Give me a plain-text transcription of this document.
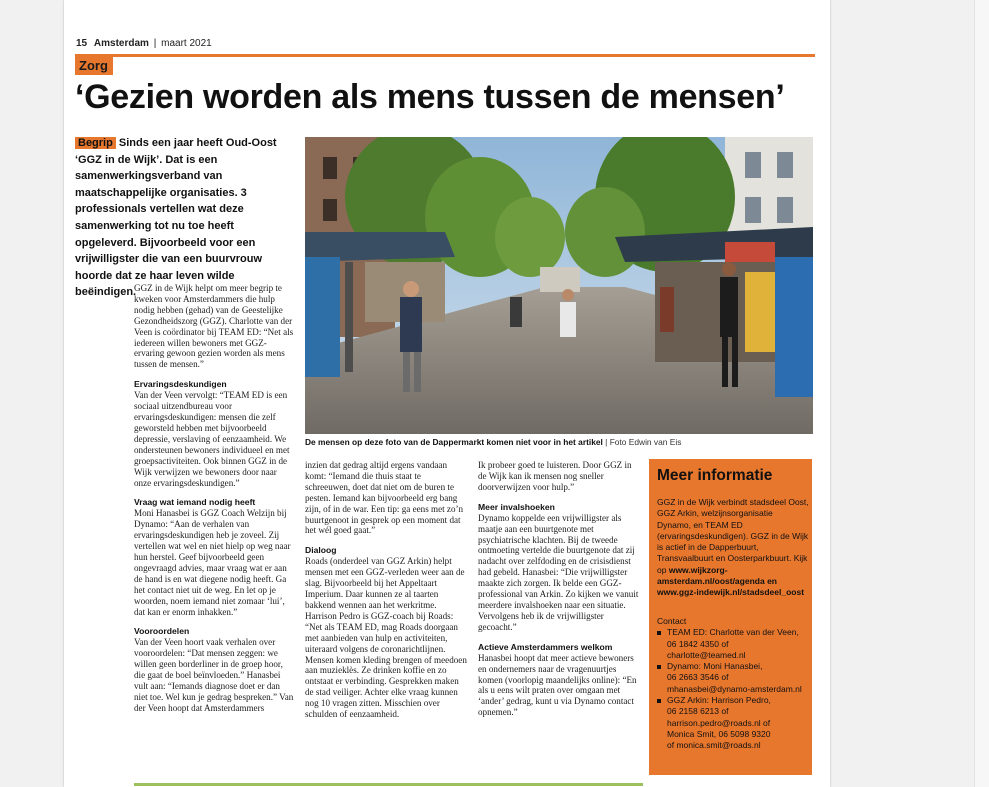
15 Amsterdam | maart 2021
Zorg
‘Gezien worden als mens tussen de mensen’
Begrip Sinds een jaar heeft Oud-Oost ‘GGZ in de Wijk’. Dat is een samenwerkingsverband van maatschappelijke organisaties. 3 professionals vertellen wat deze samenwerking tot nu toe heeft opgeleverd. Bijvoorbeeld voor een vrijwilligster die van een buurvrouw hoorde dat ze haar leven wilde beëindigen.
De mensen op deze foto van de Dappermarkt komen niet voor in het artikel | Foto Edwin van Eis

GGZ in de Wijk helpt om meer begrip te kweken voor Amsterdammers die hulp nodig hebben (gehad) van de Geestelijke Gezondheidszorg (GGZ). Charlotte van der Veen is coördinator bij TEAM ED: “Net als iedereen willen bewoners met GGZ-ervaring gewoon gezien worden als mens tussen de mensen.”

Ervaringsdeskundigen

Van der Veen vervolgt: “TEAM ED is een sociaal uitzendbureau voor ervaringsdeskundigen: mensen die zelf geworsteld hebben met bijvoorbeeld depressie, verslaving of eenzaamheid. We ondersteunen bewoners individueel en met groepsactiviteiten. Ook binnen GGZ in de Wijk verwijzen we bewoners door naar onze ervaringsdeskundigen.”

Vraag wat iemand nodig heeft

Moni Hanasbei is GGZ Coach Welzijn bij Dynamo: “Aan de verhalen van ervaringsdeskundigen heb je zoveel. Zij vertellen wat wel en niet hielp op weg naar hun herstel. Geef bijvoorbeeld geen ongevraagd advies, maar vraag wat er aan de hand is en wat diegene nodig heeft. Ga het contact niet uit de weg. En let op je woorden, noem iemand niet zomaar ‘lui’, dat kan er enorm inhakken.”

Vooroordelen

Van der Veen hoort vaak verhalen over vooroordelen: “Dat mensen zeggen: we willen geen borderliner in de groep hoor, die gaat de boel beïnvloeden.” Hanasbei vult aan: “Iemands diagnose doet er dan niet toe. Wel kun je gedrag bespreken.” Van der Veen hoopt dat Amsterdammers

inzien dat gedrag altijd ergens vandaan komt: “Iemand die thuis staat te schreeuwen, doet dat niet om de buren te pesten. Iemand kan bijvoorbeeld erg bang zijn, of in de war. Een tip: ga eens met zo’n buurtgenoot in gesprek op een moment dat het wél goed gaat.”

Dialoog

Roads (onderdeel van GGZ Arkin) helpt mensen met een GGZ-verleden weer aan de slag. Bijvoorbeeld bij het Appeltaart Imperium. Daar kunnen ze al taarten bakkend wennen aan het werkritme. Harrison Pedro is GGZ-coach bij Roads: “Net als TEAM ED, mag Roads doorgaan met aanbieden van hulp en activiteiten, uiteraard volgens de coronarichtlijnen. Mensen komen kleding brengen of meedoen aan muzieklès. Ze drinken koffie en zo ontstaat er verbinding. Gesprekken maken de stad veiliger. Achter elke vraag kunnen nog 10 vragen zitten. Misschien over schulden of eenzaamheid.

Ik probeer goed te luisteren. Door GGZ in de Wijk kan ik mensen nog sneller doorverwijzen voor hulp.”

Meer invalshoeken

Dynamo koppelde een vrijwilligster als maatje aan een buurtgenote met psychiatrische klachten. Bij de tweede ontmoeting vertelde die buurtgenote dat zij nadacht over zelfdoding en de crisisdienst had gebeld. Hanasbei: “Die vrijwilligster maakte zich zorgen. Ik belde een GGZ-professional van Arkin. Zo kijken we vanuit meerdere invalshoeken naar een situatie. Vervolgens heb ik de vrijwilligster gecoacht.”

Actieve Amsterdammers welkom

Hanasbei hoopt dat meer actieve bewoners en ondernemers naar de vragenuurtjes komen (voorlopig maandelijks online): “En als u eens wilt praten over omgaan met ‘ander’ gedrag, kunt u via Dynamo contact opnemen.”

Meer informatie
GGZ in de Wijk verbindt stadsdeel Oost, GGZ Arkin, welzijnsorganisatie Dynamo, en TEAM ED (ervaringsdeskundigen). GGZ in de Wijk is actief in de Dapperbuurt, Transvaalbuurt en Oosterparkbuurt. Kijk op www.wijkzorg-amsterdam.nl/oost/agenda en www.ggz-indewijk.nl/stadsdeel_oost
Contact
TEAM ED: Charlotte van der Veen,
06 1842 4350 of
charlotte@teamed.nl
Dynamo: Moni Hanasbei,
06 2663 3546 of
mhanasbei@dynamo-amsterdam.nl
GGZ Arkin: Harrison Pedro,
06 2158 6213 of
harrison.pedro@roads.nl of
Monica Smit, 06 5098 9320
of monica.smit@roads.nl
